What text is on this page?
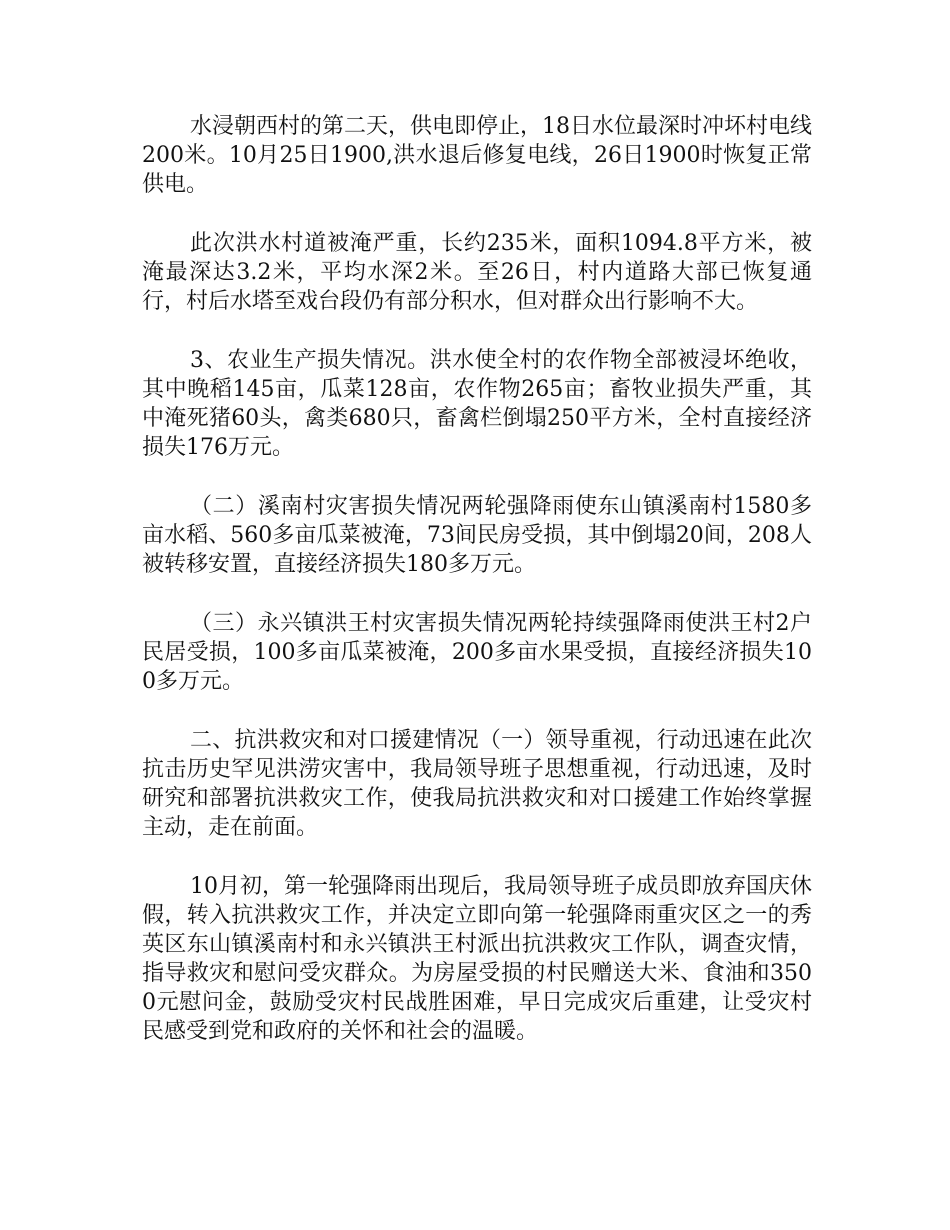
水浸朝西村的第二天，供电即停止，18日水位最深时冲坏村电线200米。10月25日1900,洪水退后修复电线，26日1900时恢复正常供电。

此次洪水村道被淹严重，长约235米，面积1094.8平方米，被淹最深达3.2米，平均水深2米。至26日，村内道路大部已恢复通行，村后水塔至戏台段仍有部分积水，但对群众出行影响不大。

3、农业生产损失情况。洪水使全村的农作物全部被浸坏绝收，其中晚稻145亩，瓜菜128亩，农作物265亩；畜牧业损失严重，其中淹死猪60头，禽类680只，畜禽栏倒塌250平方米，全村直接经济损失176万元。

（二）溪南村灾害损失情况两轮强降雨使东山镇溪南村1580多亩水稻、560多亩瓜菜被淹，73间民房受损，其中倒塌20间，208人被转移安置，直接经济损失180多万元。

（三）永兴镇洪王村灾害损失情况两轮持续强降雨使洪王村2户民居受损，100多亩瓜菜被淹，200多亩水果受损，直接经济损失100多万元。

二、抗洪救灾和对口援建情况（一）领导重视，行动迅速在此次抗击历史罕见洪涝灾害中，我局领导班子思想重视，行动迅速，及时研究和部署抗洪救灾工作，使我局抗洪救灾和对口援建工作始终掌握主动，走在前面。

10月初，第一轮强降雨出现后，我局领导班子成员即放弃国庆休假，转入抗洪救灾工作，并决定立即向第一轮强降雨重灾区之一的秀英区东山镇溪南村和永兴镇洪王村派出抗洪救灾工作队，调查灾情，指导救灾和慰问受灾群众。为房屋受损的村民赠送大米、食油和3500元慰问金，鼓励受灾村民战胜困难，早日完成灾后重建，让受灾村民感受到党和政府的关怀和社会的温暖。
